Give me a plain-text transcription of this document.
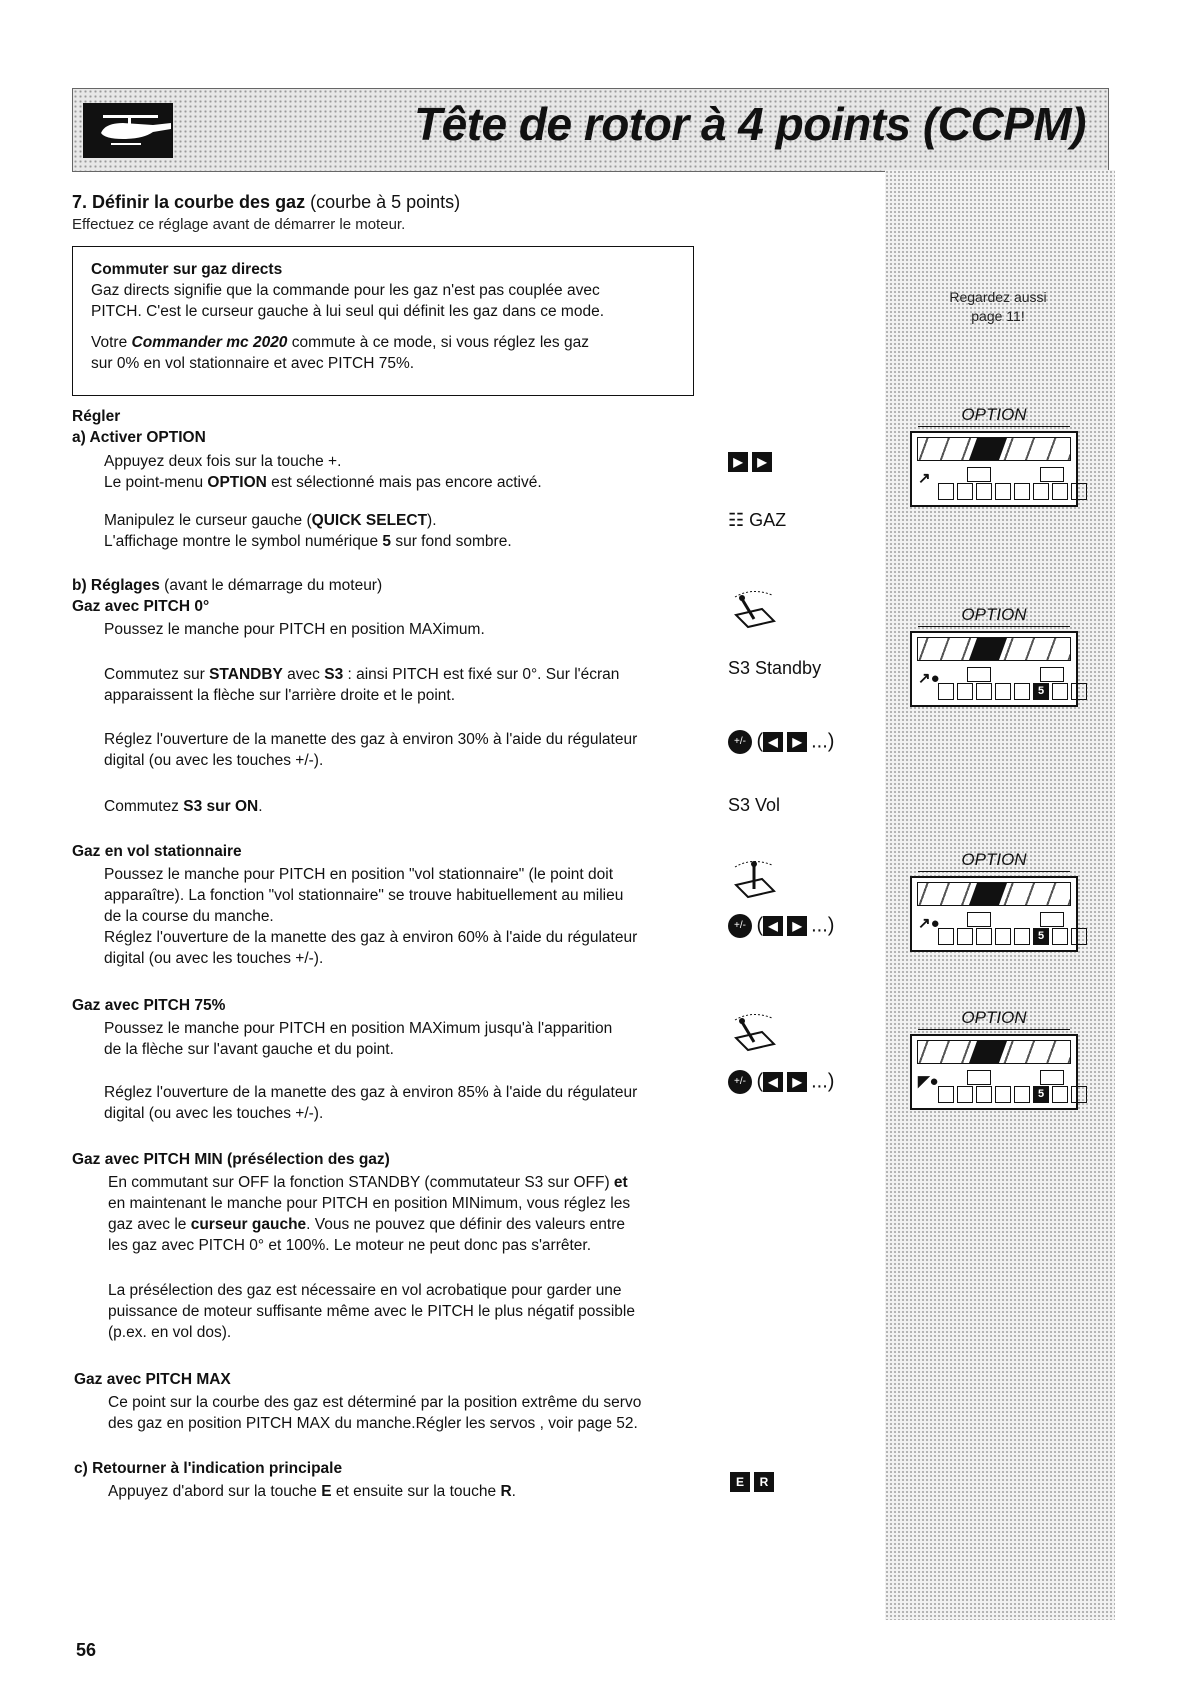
Tête de rotor à 4 points (CCPM)
Regardez aussi
page 11!
OPTION
↗
OPTION
↗●
5
OPTION
↗●
5
OPTION
◤●
5
7. Définir la courbe des gaz (courbe à 5 points)
Effectuez ce réglage avant de démarrer le moteur.

Commuter sur gaz directs

Gaz directs signifie que la commande pour les gaz n'est pas couplée avec

PITCH. C'est le curseur gauche à lui seul qui définit les gaz dans ce mode.

Votre Commander mc 2020 commute à ce mode, si vous réglez les gaz

sur 0% en vol stationnaire et avec PITCH 75%.

Régler
a) Activer OPTION
Appuyez deux fois sur la touche +.
Le point-menu OPTION est sélectionné mais pas encore activé.
Manipulez le curseur gauche (QUICK SELECT).
L'affichage montre le symbol numérique 5 sur fond sombre.
b) Réglages (avant le démarrage du moteur)
Gaz avec PITCH 0°
Poussez le manche pour PITCH en position MAXimum.
Commutez sur STANDBY avec S3 : ainsi PITCH est fixé sur 0°. Sur l'écran
apparaissent la flèche sur l'arrière droite et le point.
Réglez l'ouverture de la manette des gaz à environ 30% à l'aide du régulateur
digital (ou avec les touches +/-).
Commutez S3 sur ON.
Gaz en vol stationnaire
Poussez le manche pour PITCH en position "vol stationnaire" (le point doit
apparaître). La fonction "vol stationnaire" se trouve habituellement au milieu
de la course du manche.
Réglez l'ouverture de la manette des gaz à environ 60% à l'aide du régulateur
digital (ou avec les touches +/-).
Gaz avec PITCH 75%
Poussez le manche pour PITCH en position MAXimum jusqu'à l'apparition
de la flèche sur l'avant gauche et du point.
Réglez l'ouverture de la manette des gaz à environ 85% à l'aide du régulateur
digital (ou avec les touches +/-).
Gaz avec PITCH MIN (présélection des gaz)
En commutant sur OFF la fonction STANDBY (commutateur S3 sur OFF) et
en maintenant le manche pour PITCH en position MINimum, vous réglez les
gaz avec le curseur gauche. Vous ne pouvez que définir des valeurs entre
les gaz avec PITCH 0° et 100%. Le moteur ne peut donc pas s'arrêter.
La présélection des gaz est nécessaire en vol acrobatique pour garder une
puissance de moteur suffisante même avec le PITCH le plus négatif possible
(p.ex. en vol dos).
Gaz avec PITCH MAX
Ce point sur la courbe des gaz est déterminé par la position extrême du servo
des gaz en position PITCH MAX du manche.Régler les servos , voir page 52.
c) Retourner à l'indication principale
Appuyez d'abord sur la touche E et ensuite sur la touche R.
▶ ▶
☷ GAZ
S3 Standby
+/- ( ◀ ▶ ...)
S3 Vol
+/- ( ◀ ▶ ...)
+/- ( ◀ ▶ ...)
E R
56
